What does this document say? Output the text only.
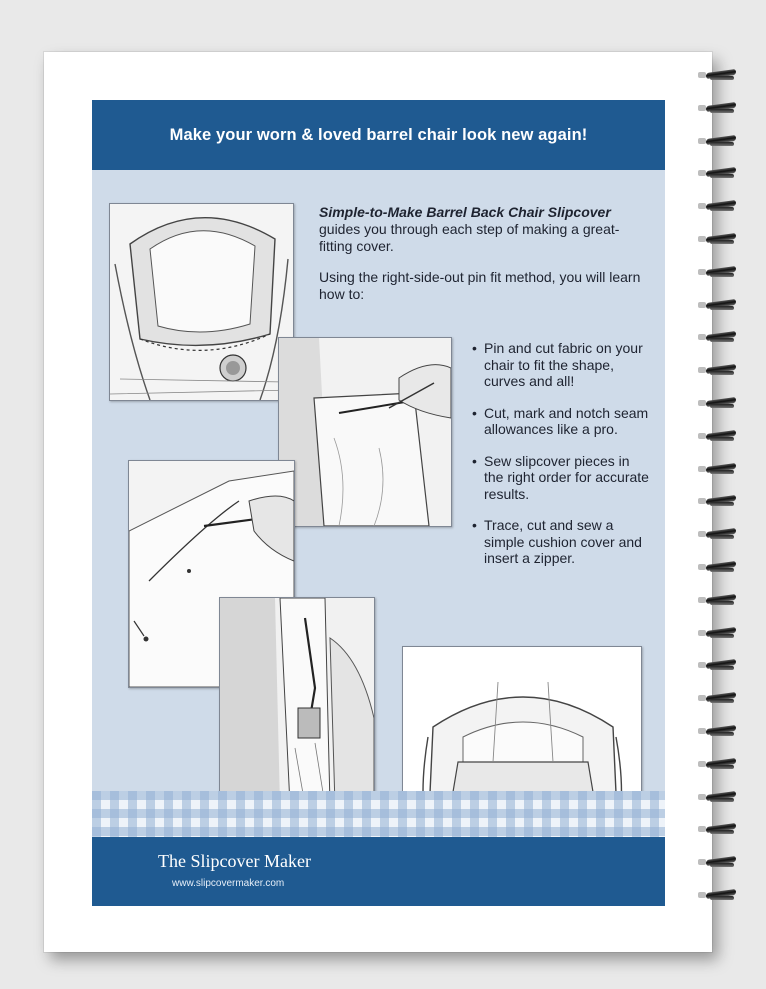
Make your worn & loved barrel chair look new again!

Simple-to-Make Barrel Back Chair Slipcover guides you through each step of making a great-fitting cover.

Using the right-side-out pin fit method, you will learn how to:

• Pin and cut fabric on your chair to fit the shape, curves and all!
• Cut, mark and notch seam allowances like a pro.
• Sew slipcover pieces in the right order for accurate results.
• Trace, cut and sew a simple cushion cover and insert a zipper.
The Slipcover Maker
www.slipcovermaker.com
